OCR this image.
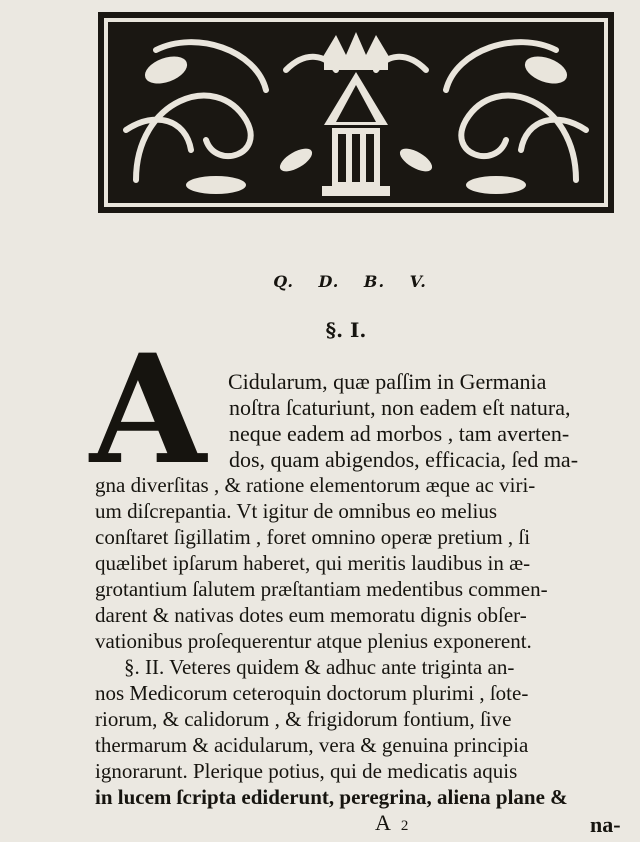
Q. D. B. V.
§. I.
A Cidularum, quæ paſſim in Germania
noſtra ſcaturiunt, non eadem eſt natura,
neque eadem ad morbos , tam averten-
dos, quam abigendos, efficacia, ſed ma-
gna diverſitas , & ratione elementorum æque ac viri-
um diſcrepantia. Vt igitur de omnibus eo melius
conſtaret ſigillatim , foret omnino operæ pretium , ſi
quælibet ipſarum haberet, qui meritis laudibus in æ-
grotantium ſalutem præſtantiam medentibus commen-
darent & nativas dotes eum memoratu dignis obſer-
vationibus proſequerentur atque plenius exponerent.
§. II. Veteres quidem & adhuc ante triginta an-
nos Medicorum ceteroquin doctorum plurimi , ſote-
riorum, & calidorum , & frigidorum fontium, ſive
thermarum & acidularum, vera & genuina principia
ignorarunt. Plerique potius, qui de medicatis aquis
in lucem ſcripta ediderunt, peregrina, aliena plane &
A 2	na-
